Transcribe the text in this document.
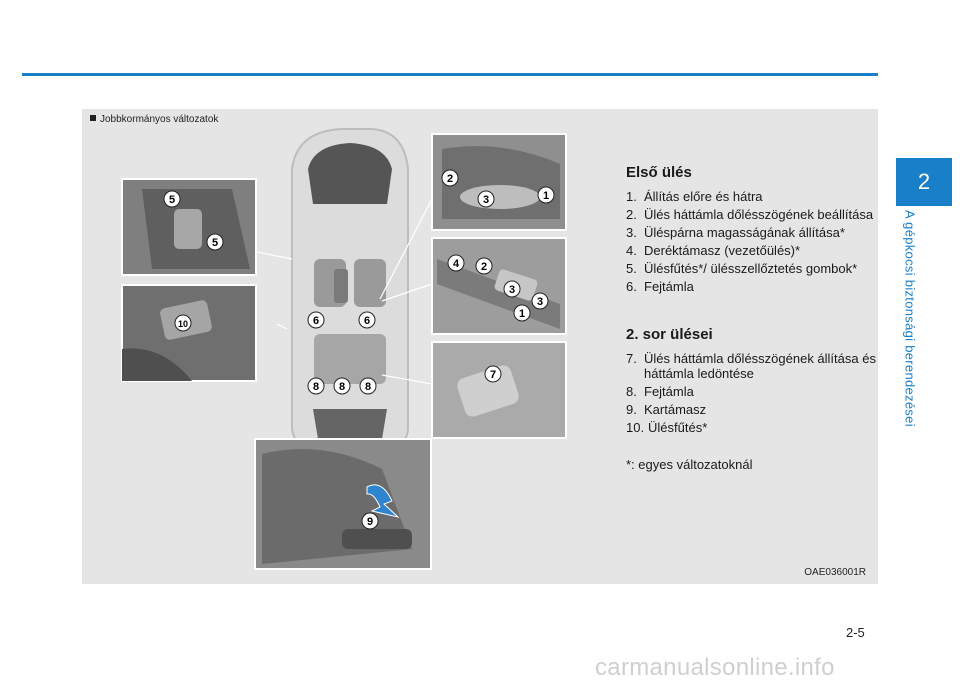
2
A gépkocsi biztonsági berendezései
Jobbkormányos változatok
2
3	1
4 2
3
3
1
7
5
5
10	6	6
8 8 8
9
Első ülés
1. Állítás előre és hátra
2. Ülés háttámla dőlésszögének beállítása
3. Üléspárna magasságának állítása*
4. Deréktámasz (vezetőülés)*
5. Ülésfűtés*/ ülésszellőztetés gombok*
6. Fejtámla
2. sor ülései
7. Ülés háttámla dőlésszögének állítása és háttámla ledöntése
8. Fejtámla
9. Kartámasz
10. Ülésfűtés*
*: egyes változatoknál
OAE036001R
2-5
carmanualsonline.info
